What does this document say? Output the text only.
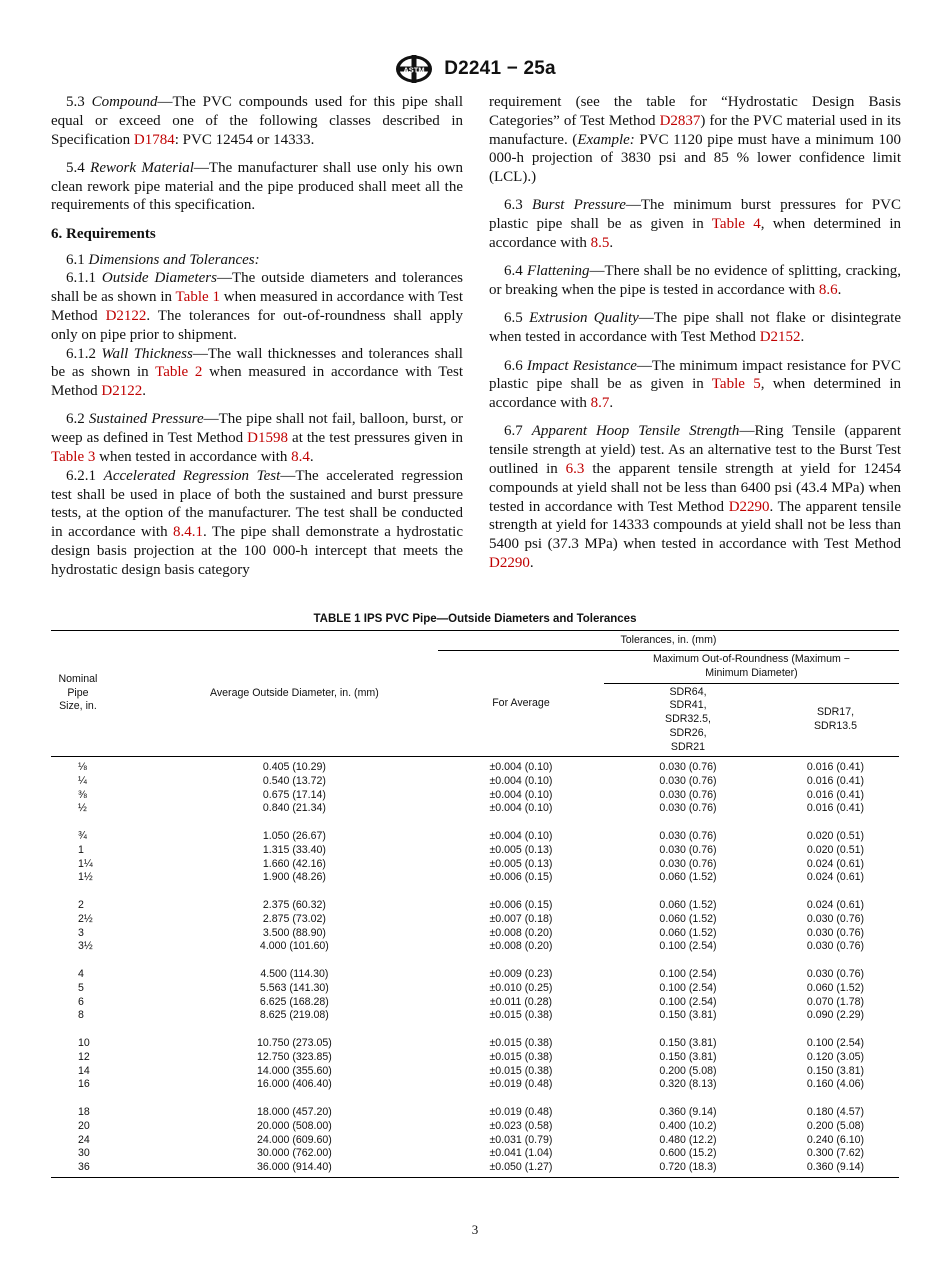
ASTM D2241 − 25a

5.3 Compound—The PVC compounds used for this pipe shall equal or exceed one of the following classes described in Specification D1784: PVC 12454 or 14333.

5.4 Rework Material—The manufacturer shall use only his own clean rework pipe material and the pipe produced shall meet all the requirements of this specification.

6. Requirements

6.1 Dimensions and Tolerances:

6.1.1 Outside Diameters—The outside diameters and tolerances shall be as shown in Table 1 when measured in accordance with Test Method D2122. The tolerances for out-of-roundness shall apply only on pipe prior to shipment.

6.1.2 Wall Thickness—The wall thicknesses and tolerances shall be as shown in Table 2 when measured in accordance with Test Method D2122.

6.2 Sustained Pressure—The pipe shall not fail, balloon, burst, or weep as defined in Test Method D1598 at the test pressures given in Table 3 when tested in accordance with 8.4.

6.2.1 Accelerated Regression Test—The accelerated regression test shall be used in place of both the sustained and burst pressure tests, at the option of the manufacturer. The test shall be conducted in accordance with 8.4.1. The pipe shall demonstrate a hydrostatic design basis projection at the 100 000-h intercept that meets the hydrostatic design basis category

requirement (see the table for “Hydrostatic Design Basis Categories” of Test Method D2837) for the PVC material used in its manufacture. (Example: PVC 1120 pipe must have a minimum 100 000-h projection of 3830 psi and 85 % lower confidence limit (LCL).)

6.3 Burst Pressure—The minimum burst pressures for PVC plastic pipe shall be as given in Table 4, when determined in accordance with 8.5.

6.4 Flattening—There shall be no evidence of splitting, cracking, or breaking when the pipe is tested in accordance with 8.6.

6.5 Extrusion Quality—The pipe shall not flake or disintegrate when tested in accordance with Test Method D2152.

6.6 Impact Resistance—The minimum impact resistance for PVC plastic pipe shall be as given in Table 5, when determined in accordance with 8.7.

6.7 Apparent Hoop Tensile Strength—Ring Tensile (apparent tensile strength at yield) test. As an alternative test to the Burst Test outlined in 6.3 the apparent tensile strength at yield for 12454 compounds at yield shall not be less than 6400 psi (43.4 MPa) when tested in accordance with Test Method D2290. The apparent tensile strength at yield for 14333 compounds at yield shall not be less than 5400 psi (37.3 MPa) when tested in accordance with Test Method D2290.

TABLE 1 IPS PVC Pipe—Outside Diameters and Tolerances
Nominal Pipe Size, in.	Average Outside Diameter, in. (mm)	Tolerances, in. (mm)		
		For Average	Maximum Out-of-Roundness (Maximum − Minimum Diameter)	
			SDR64, SDR41, SDR32.5, SDR26, SDR21	SDR17, SDR13.5
⅛	0.405 (10.29)	±0.004 (0.10)	0.030 (0.76)	0.016 (0.41)
¼	0.540 (13.72)	±0.004 (0.10)	0.030 (0.76)	0.016 (0.41)
⅜	0.675 (17.14)	±0.004 (0.10)	0.030 (0.76)	0.016 (0.41)
½	0.840 (21.34)	±0.004 (0.10)	0.030 (0.76)	0.016 (0.41)
¾	1.050 (26.67)	±0.004 (0.10)	0.030 (0.76)	0.020 (0.51)
1	1.315 (33.40)	±0.005 (0.13)	0.030 (0.76)	0.020 (0.51)
1¼	1.660 (42.16)	±0.005 (0.13)	0.030 (0.76)	0.024 (0.61)
1½	1.900 (48.26)	±0.006 (0.15)	0.060 (1.52)	0.024 (0.61)
2	2.375 (60.32)	±0.006 (0.15)	0.060 (1.52)	0.024 (0.61)
2½	2.875 (73.02)	±0.007 (0.18)	0.060 (1.52)	0.030 (0.76)
3	3.500 (88.90)	±0.008 (0.20)	0.060 (1.52)	0.030 (0.76)
3½	4.000 (101.60)	±0.008 (0.20)	0.100 (2.54)	0.030 (0.76)
4	4.500 (114.30)	±0.009 (0.23)	0.100 (2.54)	0.030 (0.76)
5	5.563 (141.30)	±0.010 (0.25)	0.100 (2.54)	0.060 (1.52)
6	6.625 (168.28)	±0.011 (0.28)	0.100 (2.54)	0.070 (1.78)
8	8.625 (219.08)	±0.015 (0.38)	0.150 (3.81)	0.090 (2.29)
10	10.750 (273.05)	±0.015 (0.38)	0.150 (3.81)	0.100 (2.54)
12	12.750 (323.85)	±0.015 (0.38)	0.150 (3.81)	0.120 (3.05)
14	14.000 (355.60)	±0.015 (0.38)	0.200 (5.08)	0.150 (3.81)
16	16.000 (406.40)	±0.019 (0.48)	0.320 (8.13)	0.160 (4.06)
18	18.000 (457.20)	±0.019 (0.48)	0.360 (9.14)	0.180 (4.57)
20	20.000 (508.00)	±0.023 (0.58)	0.400 (10.2)	0.200 (5.08)
24	24.000 (609.60)	±0.031 (0.79)	0.480 (12.2)	0.240 (6.10)
30	30.000 (762.00)	±0.041 (1.04)	0.600 (15.2)	0.300 (7.62)
36	36.000 (914.40)	±0.050 (1.27)	0.720 (18.3)	0.360 (9.14)
3
